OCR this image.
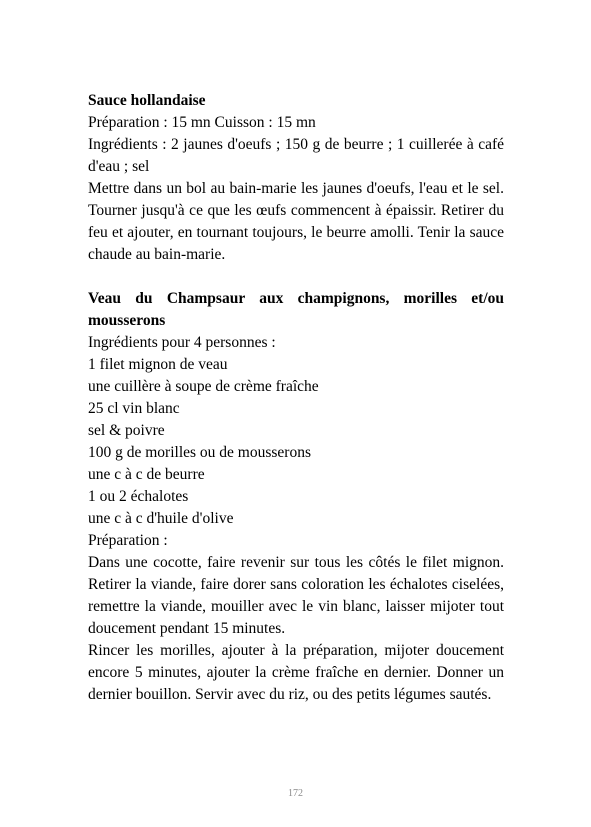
Sauce hollandaise
Préparation : 15 mn Cuisson : 15 mn
Ingrédients : 2 jaunes d'oeufs ; 150 g de beurre ; 1 cuillerée à café d'eau ; sel
Mettre dans un bol au bain-marie les jaunes d'oeufs, l'eau et le sel. Tourner jusqu'à ce que les œufs commencent à épaissir. Retirer du feu et ajouter, en tournant toujours, le beurre amolli. Tenir la sauce chaude au bain-marie.
Veau du Champsaur aux champignons, morilles et/ou mousserons
Ingrédients pour 4 personnes :
1 filet mignon de veau
une cuillère à soupe de crème fraîche
25 cl vin blanc
sel & poivre
100 g de morilles ou de mousserons
une c à c de beurre
1 ou 2 échalotes
une c à c d'huile d'olive
Préparation :
Dans une cocotte, faire revenir sur tous les côtés le filet mignon. Retirer la viande, faire dorer sans coloration les échalotes ciselées, remettre la viande, mouiller avec le vin blanc, laisser mijoter tout doucement pendant 15 minutes.
Rincer les morilles, ajouter à la préparation, mijoter doucement encore 5 minutes, ajouter la crème fraîche en dernier. Donner un dernier bouillon. Servir avec du riz, ou des petits légumes sautés.
172
